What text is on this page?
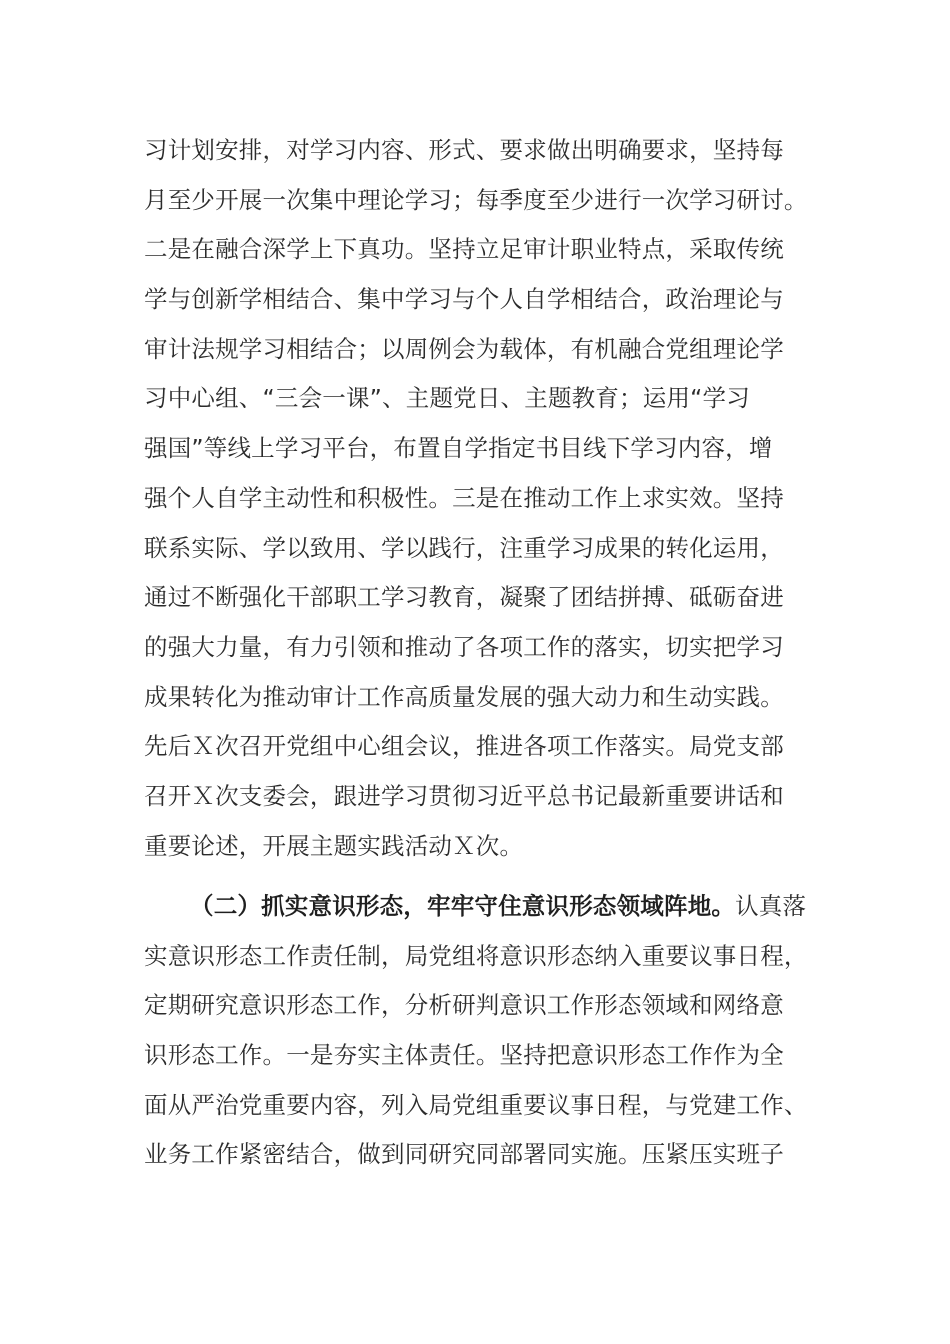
习计划安排，对学习内容、形式、要求做出明确要求，坚持每
月至少开展一次集中理论学习；每季度至少进行一次学习研讨。
二是在融合深学上下真功。坚持立足审计职业特点，采取传统
学与创新学相结合、集中学习与个人自学相结合，政治理论与
审计法规学习相结合；以周例会为载体，有机融合党组理论学
习中心组、“三会一课”、主题党日、主题教育；运用“学习
强国”等线上学习平台，布置自学指定书目线下学习内容，增
强个人自学主动性和积极性。三是在推动工作上求实效。坚持
联系实际、学以致用、学以践行，注重学习成果的转化运用，
通过不断强化干部职工学习教育，凝聚了团结拼搏、砥砺奋进
的强大力量，有力引领和推动了各项工作的落实，切实把学习
成果转化为推动审计工作高质量发展的强大动力和生动实践。
先后Ｘ次召开党组中心组会议，推进各项工作落实。局党支部
召开Ｘ次支委会，跟进学习贯彻习近平总书记最新重要讲话和
重要论述，开展主题实践活动Ｘ次。
（二）抓实意识形态，牢牢守住意识形态领域阵地。认真落
实意识形态工作责任制，局党组将意识形态纳入重要议事日程，
定期研究意识形态工作，分析研判意识工作形态领域和网络意
识形态工作。一是夯实主体责任。坚持把意识形态工作作为全
面从严治党重要内容，列入局党组重要议事日程，与党建工作、
业务工作紧密结合，做到同研究同部署同实施。压紧压实班子
